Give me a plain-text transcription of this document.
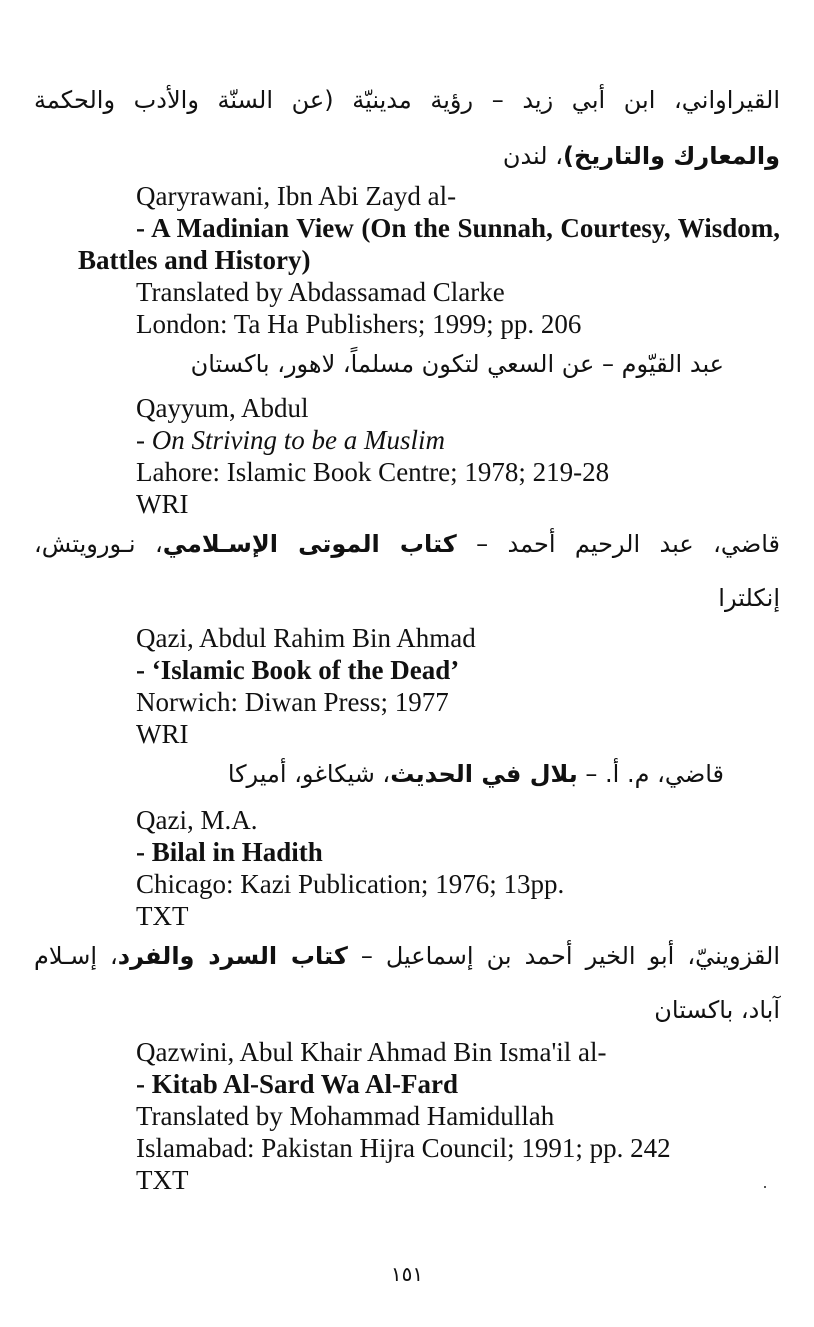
القيراواني، ابن أبي زيد – رؤية مدينيّة (عن السنّة والأدب والحكمة
والمعارك والتاريخ)، لندن
Qaryrawani, Ibn Abi Zayd al-
- A Madinian View (On the Sunnah, Courtesy, Wisdom, Battles and History)
Translated by Abdassamad Clarke
London: Ta Ha Publishers; 1999; pp. 206
عبد القيّوم – عن السعي لتكون مسلماً، لاهور، باكستان
Qayyum, Abdul
- On Striving to be a Muslim
Lahore: Islamic Book Centre; 1978; 219-28
WRI
قاضي، عبد الرحيم أحمد – كتاب الموتى الإسـلامي، نـورويتش،
إنكلترا
Qazi, Abdul Rahim Bin Ahmad
- ‘Islamic Book of the Dead’
Norwich: Diwan Press; 1977
WRI
قاضي، م. أ. – بلال في الحديث، شيكاغو، أميركا
Qazi, M.A.
- Bilal in Hadith
Chicago: Kazi Publication; 1976; 13pp.
TXT
القزوينيّ، أبو الخير أحمد بن إسماعيل – كتاب السرد والفرد، إسـلام
آباد، باكستان
Qazwini, Abul Khair Ahmad Bin Isma'il al-
- Kitab Al-Sard Wa Al-Fard
Translated by Mohammad Hamidullah
Islamabad: Pakistan Hijra Council; 1991; pp. 242
TXT
١٥١
